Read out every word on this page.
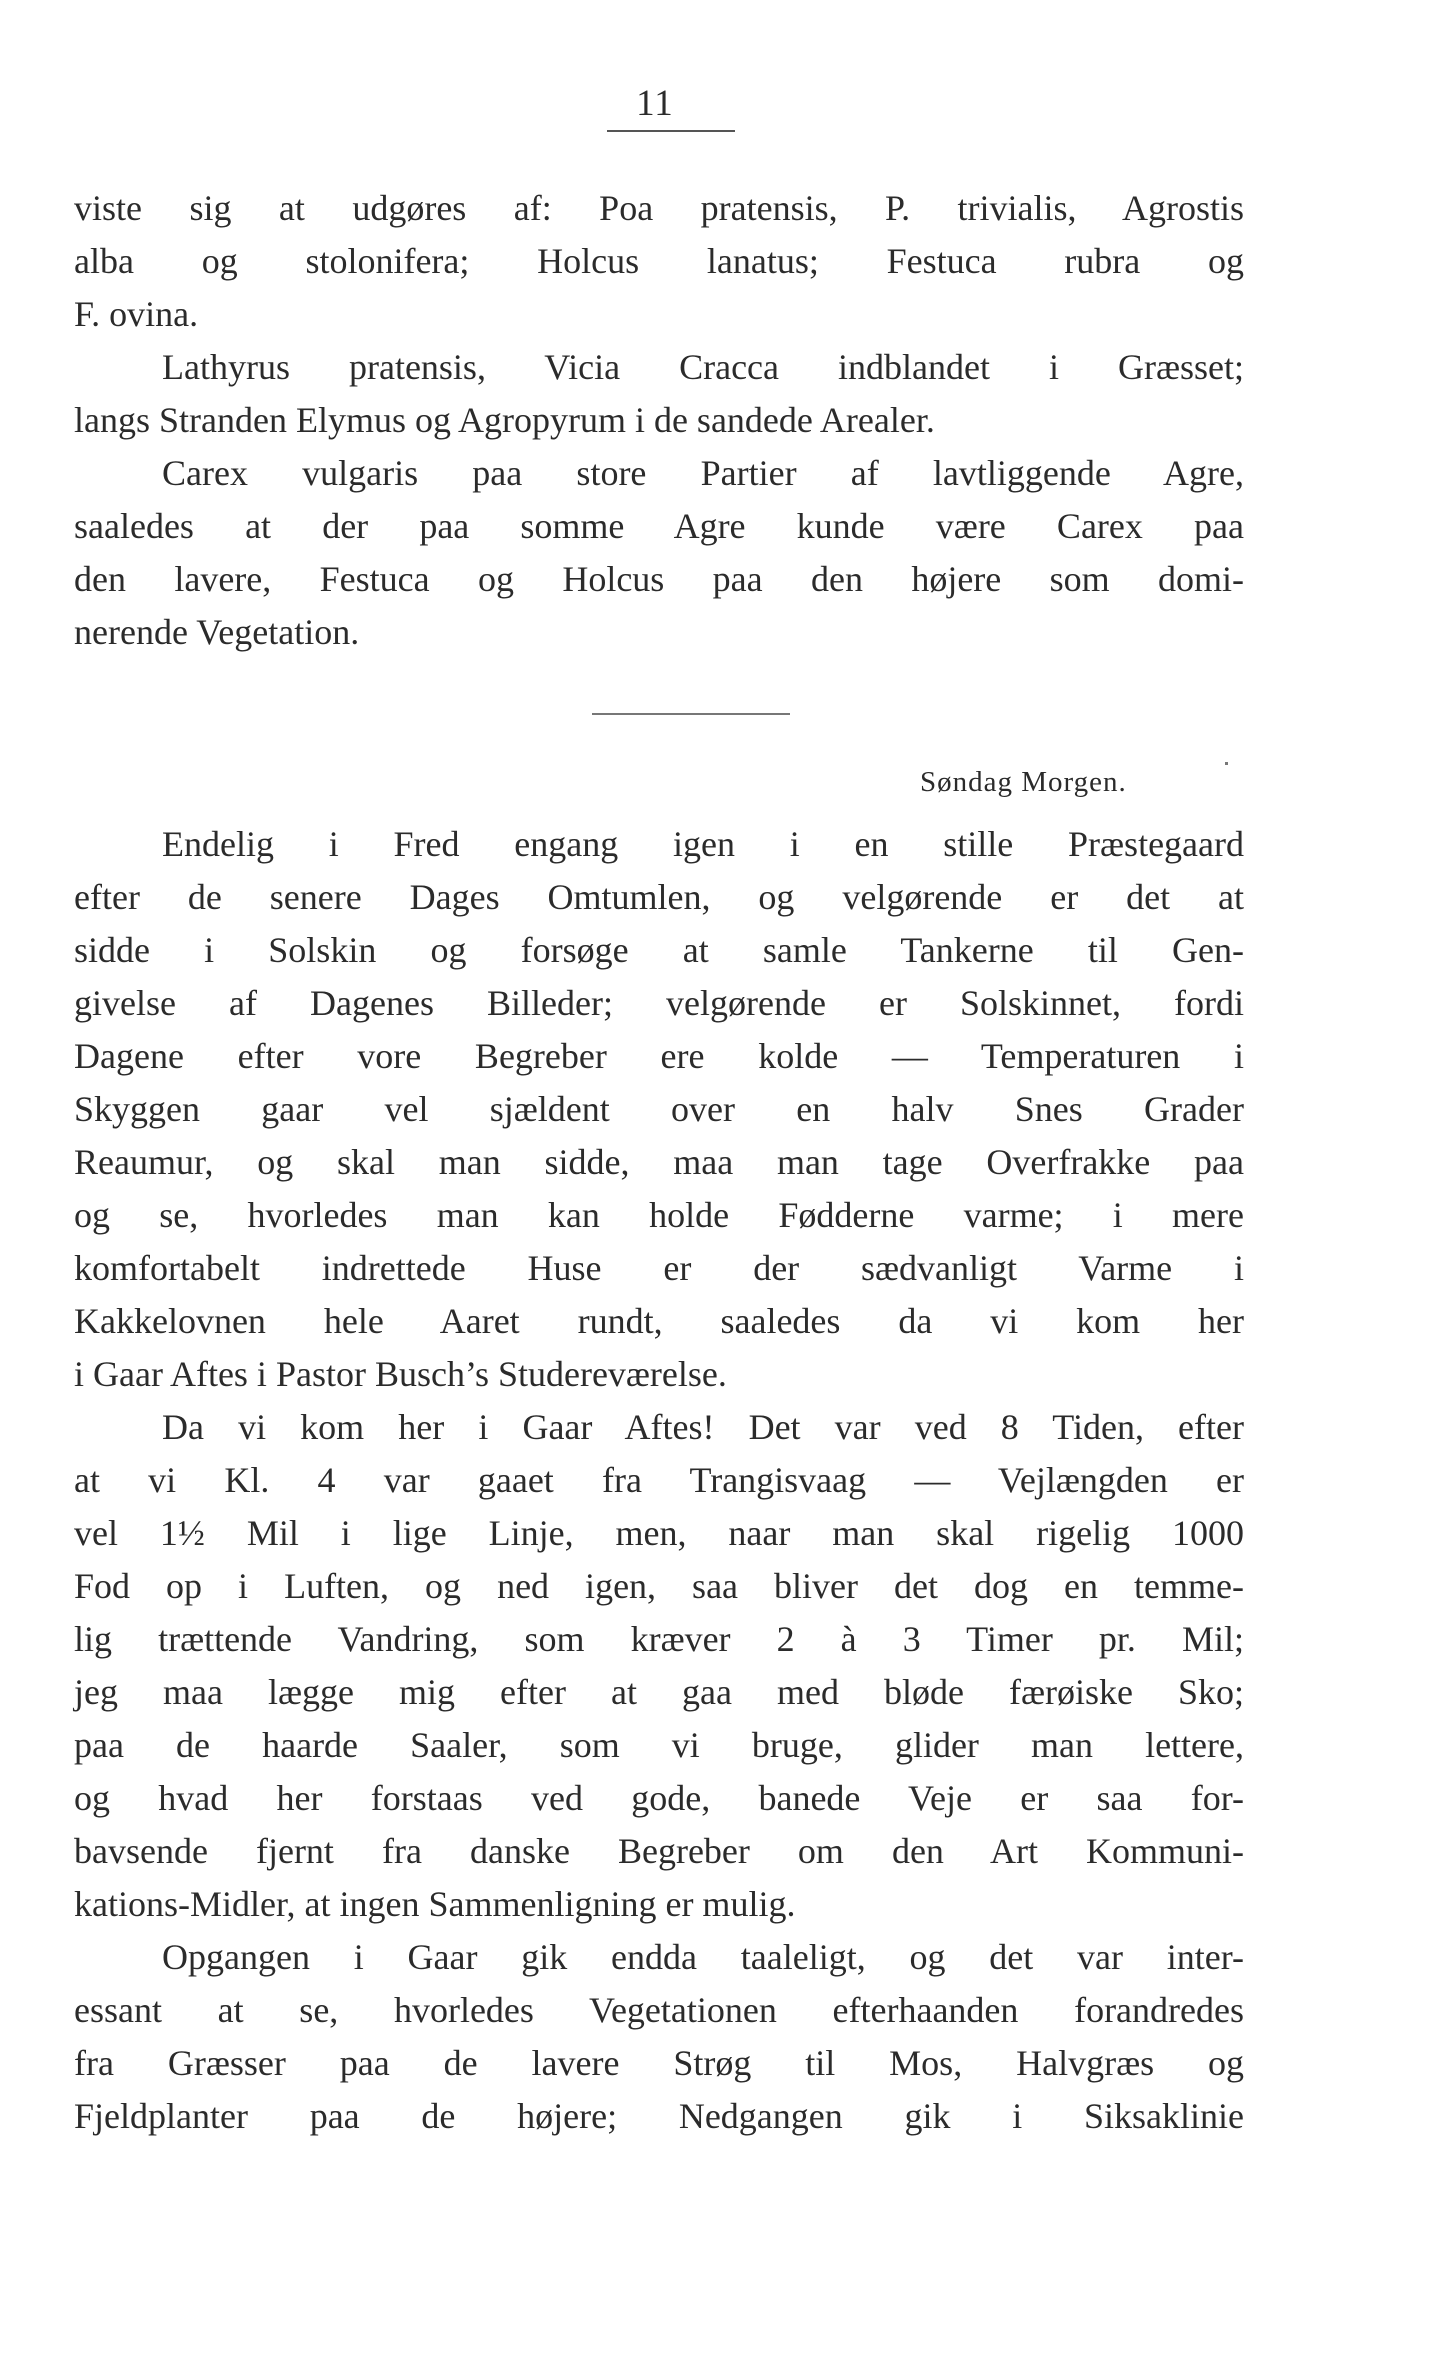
11
viste sig at udgøres af: Poa pratensis, P. trivialis, Agrostis
alba og stolonifera; Holcus lanatus; Festuca rubra og
F. ovina.
Lathyrus pratensis, Vicia Cracca indblandet i Græsset;
langs Stranden Elymus og Agropyrum i de sandede Arealer.
Carex vulgaris paa store Partier af lavtliggende Agre,
saaledes at der paa somme Agre kunde være Carex paa
den lavere, Festuca og Holcus paa den højere som domi-
nerende Vegetation.
Søndag Morgen.
Endelig i Fred engang igen i en stille Præstegaard
efter de senere Dages Omtumlen, og velgørende er det at
sidde i Solskin og forsøge at samle Tankerne til Gen-
givelse af Dagenes Billeder; velgørende er Solskinnet, fordi
Dagene efter vore Begreber ere kolde — Temperaturen i
Skyggen gaar vel sjældent over en halv Snes Grader
Reaumur, og skal man sidde, maa man tage Overfrakke paa
og se, hvorledes man kan holde Fødderne varme; i mere
komfortabelt indrettede Huse er der sædvanligt Varme i
Kakkelovnen hele Aaret rundt, saaledes da vi kom her
i Gaar Aftes i Pastor Busch’s Studereværelse.
Da vi kom her i Gaar Aftes! Det var ved 8 Tiden, efter
at vi Kl. 4 var gaaet fra Trangisvaag — Vejlængden er
vel 1½ Mil i lige Linje, men, naar man skal rigelig 1000
Fod op i Luften, og ned igen, saa bliver det dog en temme-
lig trættende Vandring, som kræver 2 à 3 Timer pr. Mil;
jeg maa lægge mig efter at gaa med bløde færøiske Sko;
paa de haarde Saaler, som vi bruge, glider man lettere,
og hvad her forstaas ved gode, banede Veje er saa for-
bavsende fjernt fra danske Begreber om den Art Kommuni-
kations-Midler, at ingen Sammenligning er mulig.
Opgangen i Gaar gik endda taaleligt, og det var inter-
essant at se, hvorledes Vegetationen efterhaanden forandredes
fra Græsser paa de lavere Strøg til Mos, Halvgræs og
Fjeldplanter paa de højere; Nedgangen gik i Siksaklinie
